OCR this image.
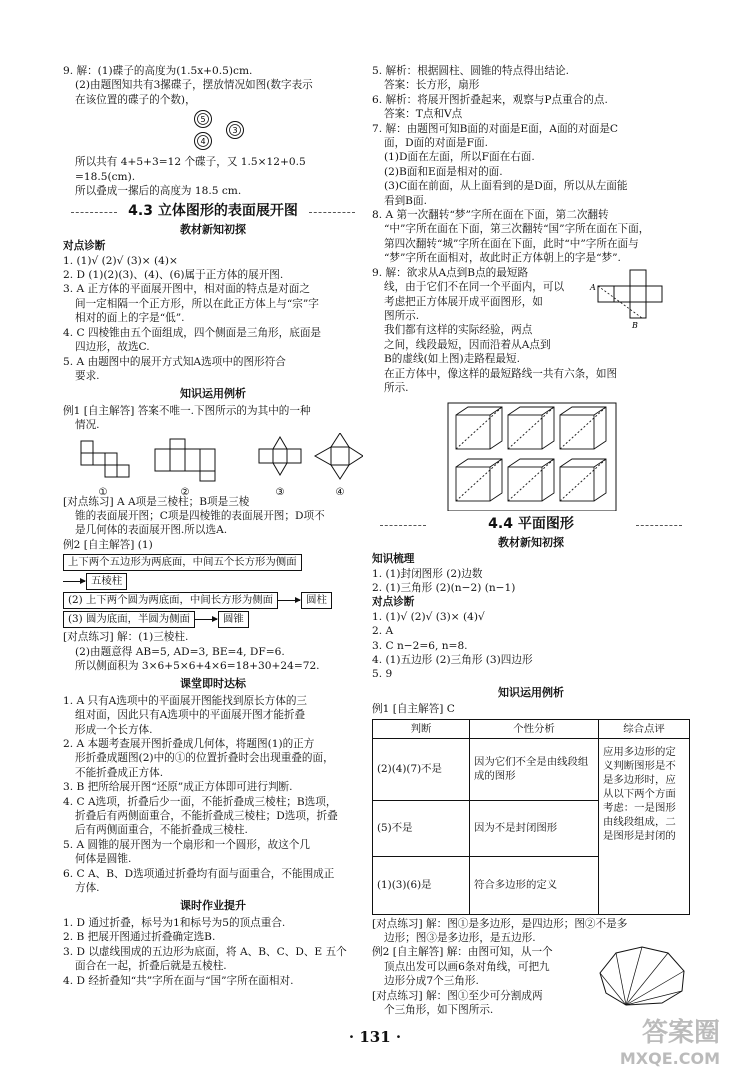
9. 解：(1)碟子的高度为(1.5x+0.5)cm.

(2)由题图知共有3摞碟子，摆放情况如图(数字表示

在该位置的碟子的个数)，

5
4
3

所以共有 4+5+3=12 个碟子，又 1.5×12+0.5

=18.5(cm).

所以叠成一摞后的高度为 18.5 cm.

4.3 立体图形的表面展开图
教材新知初探
对点诊断

1. (1)√ (2)√ (3)× (4)×

2. D (1)(2)(3)、(4)、(6)属于正方体的展开图.

3. A 正方体的平面展开图中，相对面的特点是对面之

间一定相隔一个正方形，所以在此正方体上与“宗”字

相对的面上的字是“低”.

4. C 四棱锥由五个面组成，四个侧面是三角形，底面是

四边形，故选C.

5. A 由题图中的展开方式知A选项中的图形符合

要求.

知识运用例析

例1 [自主解答] 答案不唯一.下图所示的为其中的一种

情况.

①	②	③	④

[对点练习] A A项是三棱柱；B项是三棱

锥的表面展开图；C项是四棱锥的表面展开图；D项不

是几何体的表面展开图.所以选A.

例2 [自主解答] (1)

上下两个五边形为两底面，中间五个长方形为侧面
五棱柱
(2) 上下两个圆为两底面，中间长方形为侧面	圆柱
(3) 圆为底面，半圆为侧面	圆锥

[对点练习] 解：(1)三棱柱.

(2)由题意得 AB=5, AD=3, BE=4, DF=6.

所以侧面积为 3×6+5×6+4×6=18+30+24=72.

课堂即时达标

1. A 只有A选项中的平面展开图能找到原长方体的三

组对面，因此只有A选项中的平面展开图才能折叠

形成一个长方体.

2. A 本题考查展开图折叠成几何体，将题图(1)的正方

形折叠成题图(2)中的①的位置折叠时会出现重叠的面，

不能折叠成正方体.

3. B 把所给展开图“还原”成正方体即可进行判断.

4. C A选项，折叠后少一面，不能折叠成三棱柱；B选项，

折叠后有两侧面重合，不能折叠成三棱柱；D选项，折叠

后有两侧面重合，不能折叠成三棱柱.

5. A 圆锥的展开图为一个扇形和一个圆形，故这个几

何体是圆锥.

6. C A、B、D选项通过折叠均有面与面重合，不能围成正

方体.

课时作业提升

1. D 通过折叠，标号为1和标号为5的顶点重合.

2. B 把展开图通过折叠确定选B.

3. D 以虚线围成的五边形为底面，将 A、B、C、D、E 五个

面合在一起，折叠后就是五棱柱.

4. D 经折叠知“共”字所在面与“国”字所在面相对.

5. 解析：根据圆柱、圆锥的特点得出结论.

答案：长方形，扇形

6. 解析：将展开图折叠起来，观察与P点重合的点.

答案：T点和V点

7. 解：由题图可知B面的对面是E面，A面的对面是C

面，D面的对面是F面.

(1)D面在左面，所以F面在右面.

(2)B面和E面是相对的面.

(3)C面在前面，从上面看到的是D面，所以从左面能

看到B面.

8. A 第一次翻转“梦”字所在面在下面，第二次翻转

“中”字所在面在下面，第三次翻转“国”字所在面在下面，

第四次翻转“城”字所在面在下面，此时“中”字所在面与

“梦”字所在面相对，故此时正方体朝上的字是“梦”.

A
B

9. 解：欲求从A点到B点的最短路

线，由于它们不在同一个平面内，可以

考虑把正方体展开成平面图形，如

图所示.

我们都有这样的实际经验，两点

之间，线段最短，因而沿着从A点到

B的虚线(如上图)走路程最短.

在正方体中，像这样的最短路线一共有六条，如图

所示.

4.4 平面图形
教材新知初探
知识梳理

1. (1)封闭图形 (2)边数

2. (1)三角形 (2)(n−2) (n−1)

对点诊断

1. (1)√ (2)√ (3)× (4)√

2. A

3. C n−2=6, n=8.

4. (1)五边形 (2)三角形 (3)四边形

5. 9

知识运用例析

例1 [自主解答] C

判断	个性分析	综合点评
(2)(4)(7)不是	因为它们不全是由线段组成的图形	应用多边形的定义判断图形是不是多边形时，应从以下两个方面考虑：一是图形由线段组成，二是图形是封闭的
(5)不是	因为不是封闭图形	
(1)(3)(6)是	符合多边形的定义	

[对点练习] 解：图①是多边形，是四边形；图②不是多

边形；图③是多边形，是五边形.

例2 [自主解答] 解：由图可知，从一个

顶点出发可以画6条对角线，可把九

边形分成7个三角形.

[对点练习] 解：图①至少可分割成两

个三角形，如下图所示.

· 131 ·	答案圈
MXQE.COM
